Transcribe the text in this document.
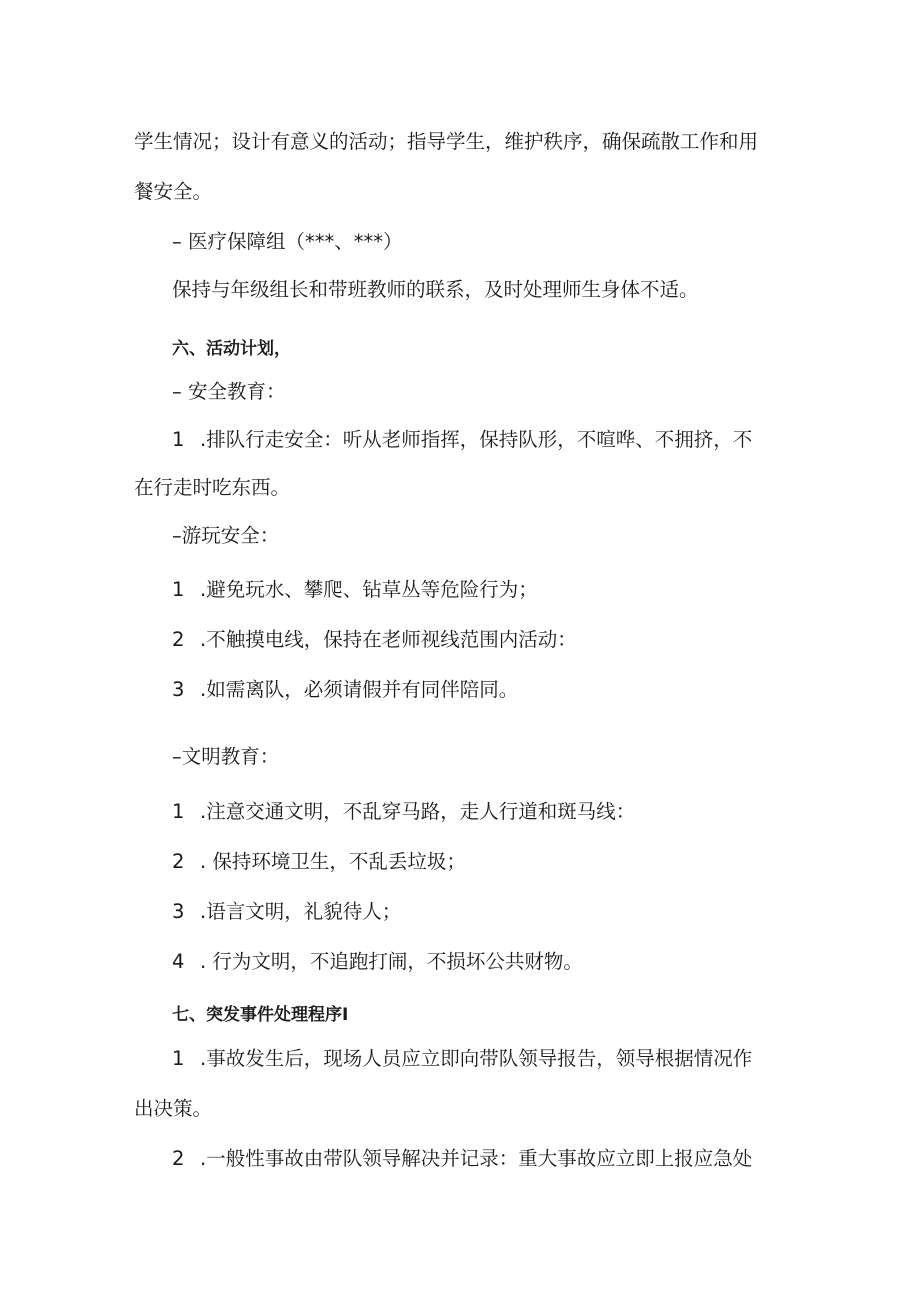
学生情况；设计有意义的活动；指导学生，维护秩序，确保疏散工作和用
餐安全。
– 医疗保障组（***、***）
保持与年级组长和带班教师的联系，及时处理师生身体不适。
六、活动计划，
– 安全教育：
1 .排队行走安全：听从老师指挥，保持队形，不喧哗、不拥挤，不
在行走时吃东西。
–游玩安全：
1 .避免玩水、攀爬、钻草丛等危险行为；
2 .不触摸电线，保持在老师视线范围内活动：
3 .如需离队，必须请假并有同伴陪同。
–文明教育：
1 .注意交通文明，不乱穿马路，走人行道和斑马线：
2 . 保持环境卫生，不乱丢垃圾；
3 .语言文明，礼貌待人；
4 . 行为文明，不追跑打闹，不损坏公共财物。
七、突发事件处理程序I
1 .事故发生后，现场人员应立即向带队领导报告，领导根据情况作
出决策。
2 .一般性事故由带队领导解决并记录：重大事故应立即上报应急处
